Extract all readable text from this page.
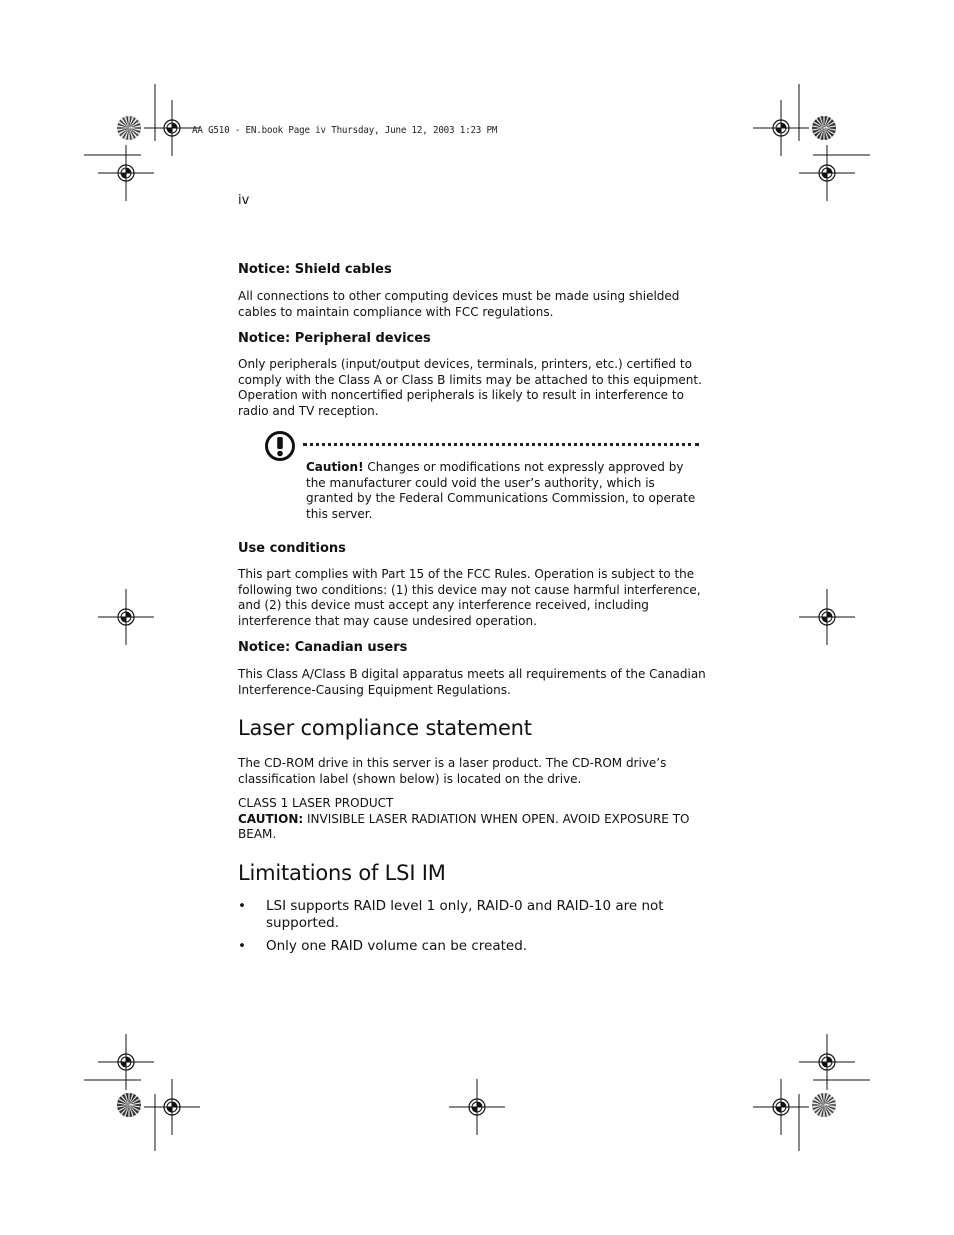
AA G510 - EN.book Page iv Thursday, June 12, 2003 1:23 PM
iv
Notice: Shield cables

All connections to other computing devices must be made using shielded cables to maintain compliance with FCC regulations.

Notice: Peripheral devices

Only peripherals (input/output devices, terminals, printers, etc.) certified to comply with the Class A or Class B limits may be attached to this equipment. Operation with noncertified peripherals is likely to result in interference to radio and TV reception.

Caution! Changes or modifications not expressly approved by the manufacturer could void the user’s authority, which is granted by the Federal Communications Commission, to operate this server.
Use conditions

This part complies with Part 15 of the FCC Rules. Operation is subject to the following two conditions: (1) this device may not cause harmful interference, and (2) this device must accept any interference received, including interference that may cause undesired operation.

Notice: Canadian users

This Class A/Class B digital apparatus meets all requirements of the Canadian Interference-Causing Equipment Regulations.

Laser compliance statement

The CD-ROM drive in this server is a laser product. The CD-ROM drive’s classification label (shown below) is located on the drive.

CLASS 1 LASER PRODUCT
CAUTION: INVISIBLE LASER RADIATION WHEN OPEN. AVOID EXPOSURE TO BEAM.
Limitations of LSI IM
• LSI supports RAID level 1 only, RAID-0 and RAID-10 are not supported.
• Only one RAID volume can be created.
